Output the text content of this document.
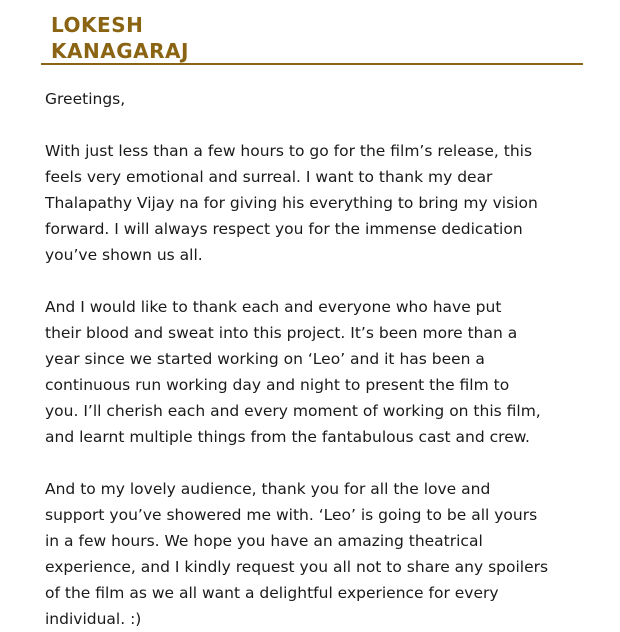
LOKESH

KANAGARAJ

Greetings,

With just less than a few hours to go for the film’s release, this

feels very emotional and surreal. I want to thank my dear

Thalapathy Vijay na for giving his everything to bring my vision

forward. I will always respect you for the immense dedication

you’ve shown us all.

And I would like to thank each and everyone who have put

their blood and sweat into this project. It’s been more than a

year since we started working on ‘Leo’ and it has been a

continuous run working day and night to present the film to

you. I’ll cherish each and every moment of working on this film,

and learnt multiple things from the fantabulous cast and crew.

And to my lovely audience, thank you for all the love and

support you’ve showered me with. ‘Leo’ is going to be all yours

in a few hours. We hope you have an amazing theatrical

experience, and I kindly request you all not to share any spoilers

of the film as we all want a delightful experience for every

individual. :)
